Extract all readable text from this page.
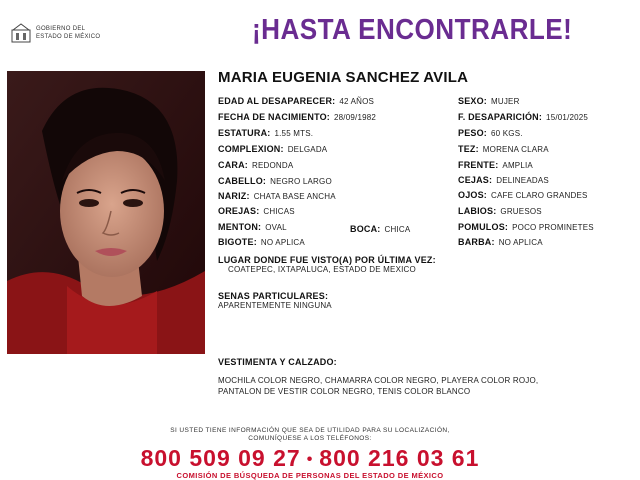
GOBIERNO DEL
ESTADO DE MÉXICO	¡HASTA ENCONTRARLE!
MARIA EUGENIA SANCHEZ AVILA
EDAD AL DESAPARECER: 42 AÑOS
FECHA DE NACIMIENTO: 28/09/1982
ESTATURA: 1.55 MTS.
COMPLEXION: DELGADA
CARA: REDONDA
CABELLO: NEGRO LARGO
NARIZ: CHATA BASE ANCHA
OREJAS: CHICAS
MENTON: OVAL
BIGOTE: NO APLICA
BOCA: CHICA
SEXO: MUJER
F. DESAPARICIÓN: 15/01/2025
PESO: 60 KGS.
TEZ: MORENA CLARA
FRENTE: AMPLIA
CEJAS: DELINEADAS
OJOS: CAFE CLARO GRANDES
LABIOS: GRUESOS
POMULOS: POCO PROMINETES
BARBA: NO APLICA
LUGAR DONDE FUE VISTO(A) POR ÚLTIMA VEZ:
COATEPEC, IXTAPALUCA, ESTADO DE MEXICO
SENAS PARTICULARES:
APARENTEMENTE NINGUNA
VESTIMENTA Y CALZADO:
MOCHILA COLOR NEGRO, CHAMARRA COLOR NEGRO, PLAYERA COLOR ROJO,
PANTALON DE VESTIR COLOR NEGRO, TENIS COLOR BLANCO
SI USTED TIENE INFORMACIÓN QUE SEA DE UTILIDAD PARA SU LOCALIZACIÓN,
COMUNÍQUESE A LOS TELÉFONOS:
800 509 09 27 • 800 216 03 61
COMISIÓN DE BÚSQUEDA DE PERSONAS DEL ESTADO DE MÉXICO
